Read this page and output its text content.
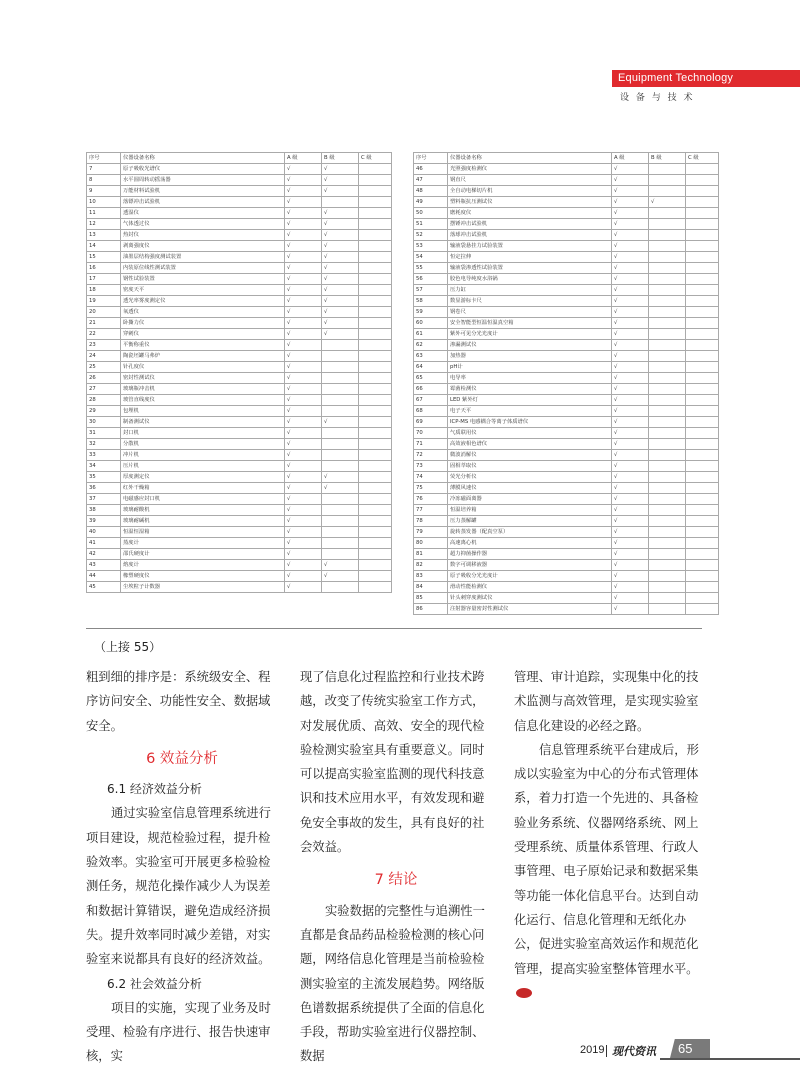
Equipment Technology
设 备 与 技 术
序号	仪器设备名称	A 级	B 级	C 级
7	原子吸收光谱仪	√	√	
8	水平圆周转动摇荡器	√	√	
9	万能材料试验机	√	√	
10	落镖冲击试验机	√		
11	透湿仪	√	√	
12	气体透过仪	√	√	
13	热封仪	√	√	
14	剥离强度仪	√	√	
15	油墨层结构强度测试装置	√	√	
16	内装原位线性测试装置	√	√	
17	钢性试验装置	√	√	
18	密度天平	√	√	
19	透光率雾度测定仪	√	√	
20	氧透仪	√	√	
21	卧撕力仪	√	√	
22	穿刺仪	√	√	
23	平衡称重仪	√		
24	陶瓷坯罐马弗炉	√		
25	针孔度仪	√		
26	密封性测试仪	√		
27	玻璃瓶冲击机	√		
28	玻管直线度仪	√		
29	包埋机	√		
30	制备测试仪	√	√	
31	封口机	√		
32	分散机	√		
33	冲片机	√		
34	压片机	√		
35	厚度测定仪	√	√	
36	红外干燥箱	√	√	
37	电磁感应封口机	√		
38	玻璃耐酸机	√		
39	玻璃耐碱机	√		
40	恒温恒湿箱	√		
41	蒸度计	√		
42	邵氏硬度计	√		
43	熔度计	√	√	
44	橡塑硬度仪	√	√	
45	尘埃粒子计数器	√		
序号	仪器设备名称	A 级	B 级	C 级
46	光照强度检测仪	√		
47	钢直尺	√		
48	全自动电梯切片机	√		
49	塑料瓶抗压测试仪	√	√	
50	磨耗度仪	√		
51	摆锤冲击试验机	√		
52	落球冲击试验机	√		
53	输液袋悬挂力试验装置	√		
54	恒定拉伸	√		
55	输液袋渗透性试验装置	√		
56	胶色电导纯度水浴锅	√		
57	压力缸	√		
58	数显游标卡尺	√		
59	钢卷尺	√		
60	安全智能型恒温恒温真空箱	√		
61	紫外可见分光光度计	√		
62	渗漏测试仪	√		
63	加热器	√		
64	pH计	√		
65	电导率	√		
66	霉菌检测仪	√		
67	LED 紫外灯	√		
68	电子天平	√		
69	ICP-MS 电感耦合等离子体质谱仪	√		
70	气质联用仪	√		
71	高效液相色谱仪	√		
72	微波消解仪	√		
73	固相萃取仪	√		
74	荧光分析仪	√		
75	薄膜风速仪	√		
76	冷冻磁面离器	√		
77	恒温培养箱	√		
78	压力蒸解罐	√		
79	旋转蒸发器（配真空泵）	√		
80	高速离心机	√		
81	超力抑菌操作器	√		
82	数字可调移液器	√		
83	原子吸收分光光度计	√		
84	滑动性能检测仪	√		
85	针头刺穿度测试仪	√		
86	注射器容量密封性测试仪	√		
（上接 55）

粗到细的排序是：系统级安全、程序访问安全、功能性安全、数据域安全。

6 效益分析

6.1 经济效益分析

通过实验室信息管理系统进行项目建设，规范检验过程，提升检验效率。实验室可开展更多检验检测任务，规范化操作减少人为误差和数据计算错误，避免造成经济损失。提升效率同时减少差错，对实验室来说都具有良好的经济效益。

6.2 社会效益分析

项目的实施，实现了业务及时受理、检验有序进行、报告快速审核，实

现了信息化过程监控和行业技术跨越，改变了传统实验室工作方式，对发展优质、高效、安全的现代检验检测实验室具有重要意义。同时可以提高实验室监测的现代科技意识和技术应用水平，有效发现和避免安全事故的发生，具有良好的社会效益。

7 结论

实验数据的完整性与追溯性一直都是食品药品检验检测的核心问题，网络信息化管理是当前检验检测实验室的主流发展趋势。网络版色谱数据系统提供了全面的信息化手段，帮助实验室进行仪器控制、数据

管理、审计追踪，实现集中化的技术监测与高效管理，是实现实验室信息化建设的必经之路。

信息管理系统平台建成后，形成以实验室为中心的分布式管理体系，着力打造一个先进的、具备检验业务系统、仪器网络系统、网上受理系统、质量体系管理、行政人事管理、电子原始记录和数据采集等功能一体化信息平台。达到自动化运行、信息化管理和无纸化办公，促进实验室高效运作和规范化管理，提高实验室整体管理水平。

2019 现代资讯 65
